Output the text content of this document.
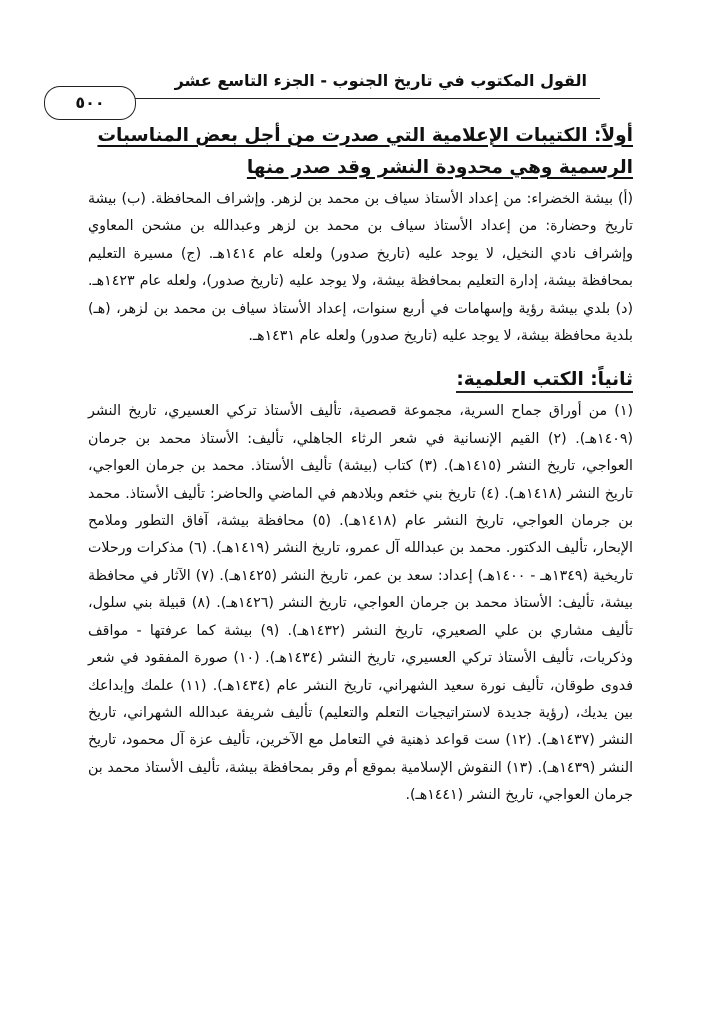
القول المكتوب في تاريخ الجنوب - الجزء التاسع عشر
٥٠٠
أولاً: الكتيبات الإعلامية التي صدرت من أجل بعض المناسبات الرسمية وهي محدودة النشر وقد صدر منها

(أ) بيشة الخضراء: من إعداد الأستاذ سياف بن محمد بن لزهر. وإشراف المحافظة. (ب) بيشة تاريخ وحضارة: من إعداد الأستاذ سياف بن محمد بن لزهر وعبدالله بن مشحن المعاوي وإشراف نادي النخيل، لا يوجد عليه (تاريخ صدور) ولعله عام ١٤١٤هـ. (ج) مسيرة التعليم بمحافظة بيشة، إدارة التعليم بمحافظة بيشة، ولا يوجد عليه (تاريخ صدور)، ولعله عام ١٤٢٣هـ. (د) بلدي بيشة رؤية وإسهامات في أربع سنوات، إعداد الأستاذ سياف بن محمد بن لزهر، (هـ) بلدية محافظة بيشة، لا يوجد عليه (تاريخ صدور) ولعله عام ١٤٣١هـ.

ثانياً: الكتب العلمية:

(١) من أوراق جماح السرية، مجموعة قصصية، تأليف الأستاذ تركي العسيري، تاريخ النشر (١٤٠٩هـ). (٢) القيم الإنسانية في شعر الرثاء الجاهلي، تأليف: الأستاذ محمد بن جرمان العواجي، تاريخ النشر (١٤١٥هـ). (٣) كتاب (بيشة) تأليف الأستاذ. محمد بن جرمان العواجي، تاريخ النشر (١٤١٨هـ). (٤) تاريخ بني خثعم وبلادهم في الماضي والحاضر: تأليف الأستاذ. محمد بن جرمان العواجي، تاريخ النشر عام (١٤١٨هـ). (٥) محافظة بيشة، آفاق التطور وملامح الإبحار، تأليف الدكتور. محمد بن عبدالله آل عمرو، تاريخ النشر (١٤١٩هـ). (٦) مذكرات ورحلات تاريخية (١٣٤٩هـ - ١٤٠٠هـ) إعداد: سعد بن عمر، تاريخ النشر (١٤٢٥هـ). (٧) الآثار في محافظة بيشة، تأليف: الأستاذ محمد بن جرمان العواجي، تاريخ النشر (١٤٢٦هـ). (٨) قبيلة بني سلول، تأليف مشاري بن علي الصعيري، تاريخ النشر (١٤٣٢هـ). (٩) بيشة كما عرفتها - مواقف وذكريات، تأليف الأستاذ تركي العسيري، تاريخ النشر (١٤٣٤هـ). (١٠) صورة المفقود في شعر فدوى طوقان، تأليف نورة سعيد الشهراني، تاريخ النشر عام (١٤٣٤هـ). (١١) علمك وإبداعك بين يديك، (رؤية جديدة لاستراتيجيات التعلم والتعليم) تأليف شريفة عبدالله الشهراني، تاريخ النشر (١٤٣٧هـ). (١٢) ست قواعد ذهنية في التعامل مع الآخرين، تأليف عزة آل محمود، تاريخ النشر (١٤٣٩هـ). (١٣) النقوش الإسلامية بموقع أم وقر بمحافظة بيشة، تأليف الأستاذ محمد بن جرمان العواجي، تاريخ النشر (١٤٤١هـ).
